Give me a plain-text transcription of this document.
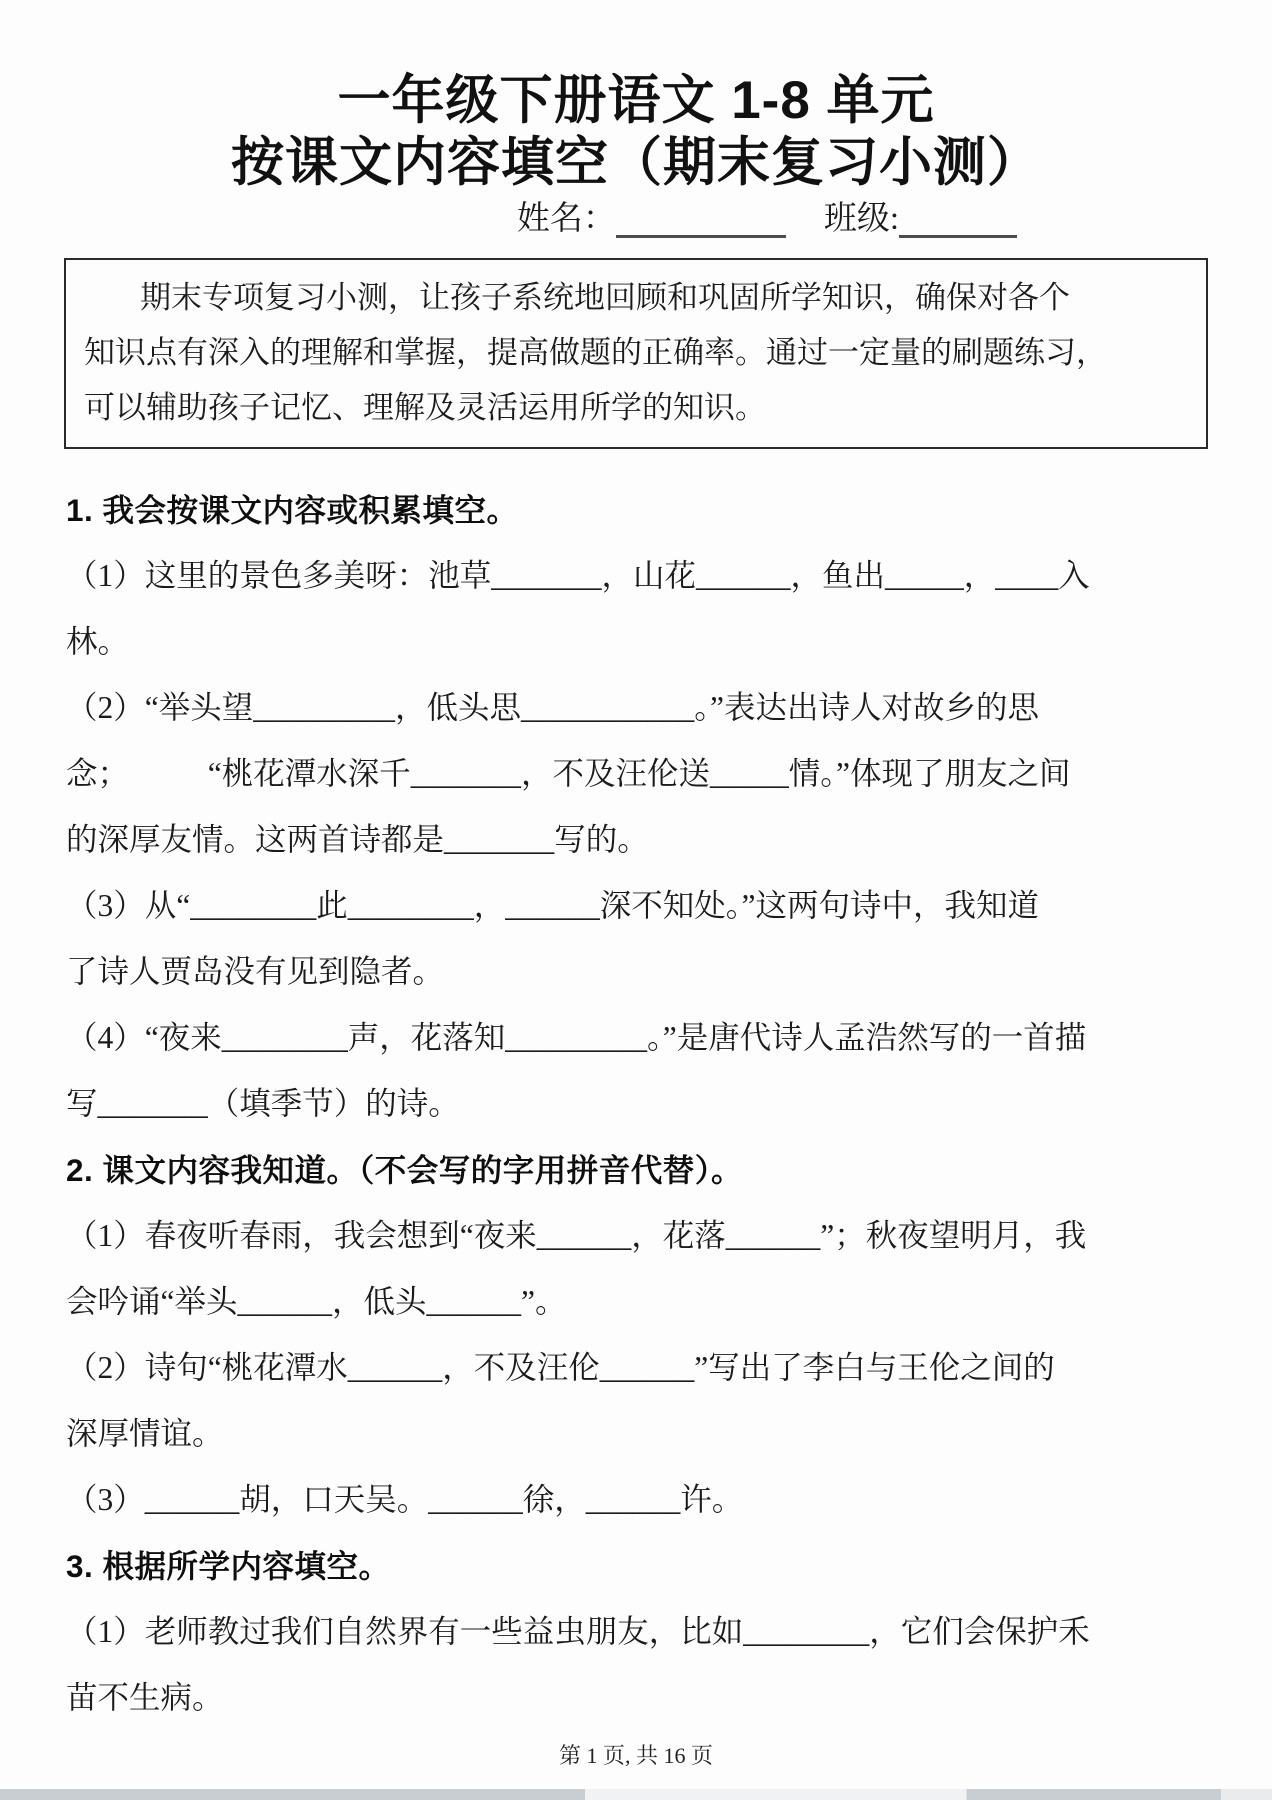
一年级下册语文 1-8 单元
按课文内容填空（期末复习小测）
姓名：	班级:

期末专项复习小测，让孩子系统地回顾和巩固所学知识，确保对各个

知识点有深入的理解和掌握，提高做题的正确率。通过一定量的刷题练习，

可以辅助孩子记忆、理解及灵活运用所学的知识。

1. 我会按课文内容或积累填空。

（1）这里的景色多美呀：池草_______，山花______，鱼出_____，____入

林。

（2）“举头望_________，低头思___________。”表达出诗人对故乡的思

念；　　　“桃花潭水深千_______，不及汪伦送_____情。”体现了朋友之间

的深厚友情。这两首诗都是_______写的。

（3）从“________此________，______深不知处。”这两句诗中，我知道

了诗人贾岛没有见到隐者。

（4）“夜来________声，花落知_________。”是唐代诗人孟浩然写的一首描

写_______（填季节）的诗。

2. 课文内容我知道。（不会写的字用拼音代替）。

（1）春夜听春雨，我会想到“夜来______，花落______”；秋夜望明月，我

会吟诵“举头______，低头______”。

（2）诗句“桃花潭水______，不及汪伦______”写出了李白与王伦之间的

深厚情谊。

（3）______胡，口天吴。______徐，______许。

3. 根据所学内容填空。

（1）老师教过我们自然界有一些益虫朋友，比如________，它们会保护禾

苗不生病。

第 1 页, 共 16 页
